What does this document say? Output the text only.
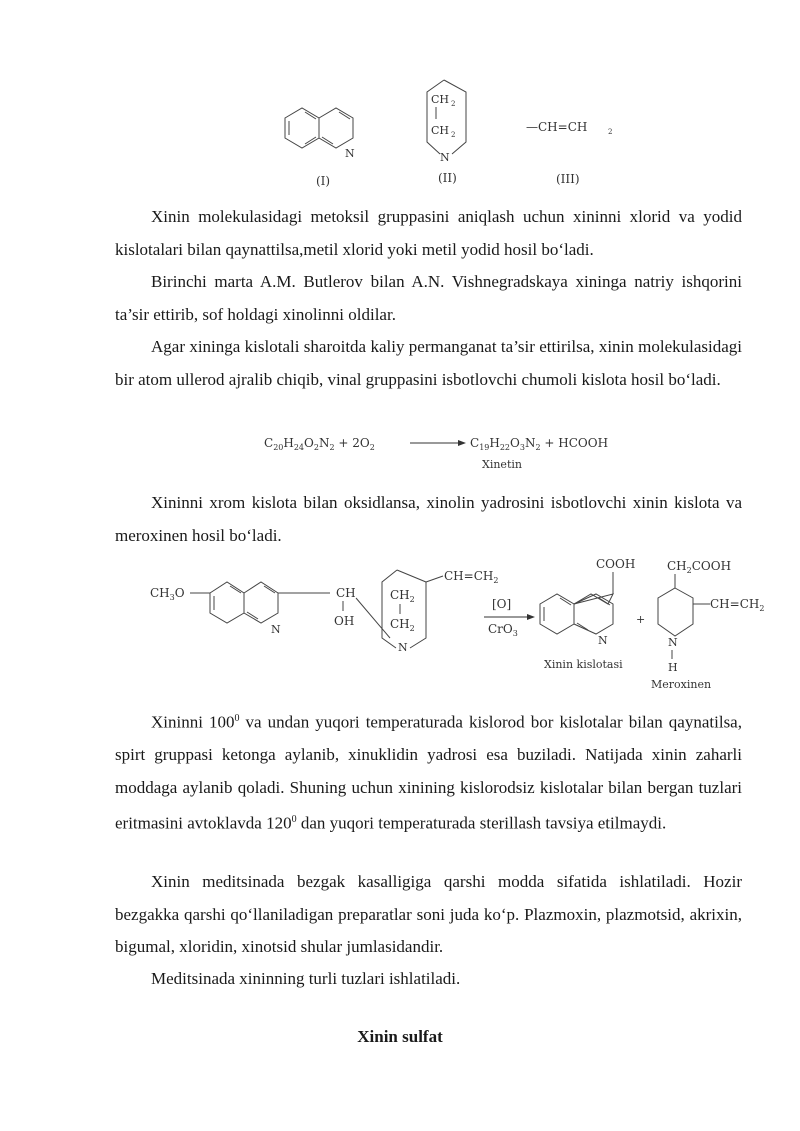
N
(I)
CH 2
CH 2
N
(II)
—CH=CH	2
(III)

Xinin molekulasidagi metoksil gruppasini aniqlash uchun xininni xlorid va yodid kislotalari bilan qaynattilsa,metil xlorid yoki metil yodid hosil bo‘ladi.

Birinchi marta A.M. Butlerov bilan A.N. Vishnegradskaya xininga natriy ishqorini ta’sir ettirib, sof holdagi xinolinni oldilar.

Agar xininga kislotali sharoitda kaliy permanganat ta’sir ettirilsa, xinin molekulasidagi bir atom ullerod ajralib chiqib, vinal gruppasini isbotlovchi chumoli kislota hosil bo‘ladi.

$C_{20}H_{24}O_2N_2 + 2O_2$	$C_{19}H_{22}O_3N_2$ + HCOOH
Xinetin

Xininni xrom kislota bilan oksidlansa, xinolin yadrosini isbotlovchi xinin kislota va meroxinen hosil bo‘ladi.

$CH_3O$
N
CH
OH
$CH=CH_2$
$CH_2$
$CH_2$
N
[O]
CrO$_3$
COOH
N
Xinin kislotasi
+
$CH_2COOH$
$CH=CH_2$
N
H
Meroxinen

Xininni $100^0$ va undan yuqori temperaturada kislorod bor kislotalar bilan qaynatilsa, spirt gruppasi ketonga aylanib, xinuklidin yadrosi esa buziladi. Natijada xinin zaharli moddaga aylanib qoladi. Shuning uchun xinining kislorodsiz kislotalar bilan bergan tuzlari eritmasini avtoklavda $120^0$ dan yuqori temperaturada sterillash tavsiya etilmaydi.

Xinin meditsinada bezgak kasalligiga qarshi modda sifatida ishlatiladi. Hozir bezgakka qarshi qo‘llaniladigan preparatlar soni juda ko‘p. Plazmoxin, plazmotsid, akrixin, bigumal, xloridin, xinotsid shular jumlasidandir.

Meditsinada xininning turli tuzlari ishlatiladi.

Xinin sulfat
